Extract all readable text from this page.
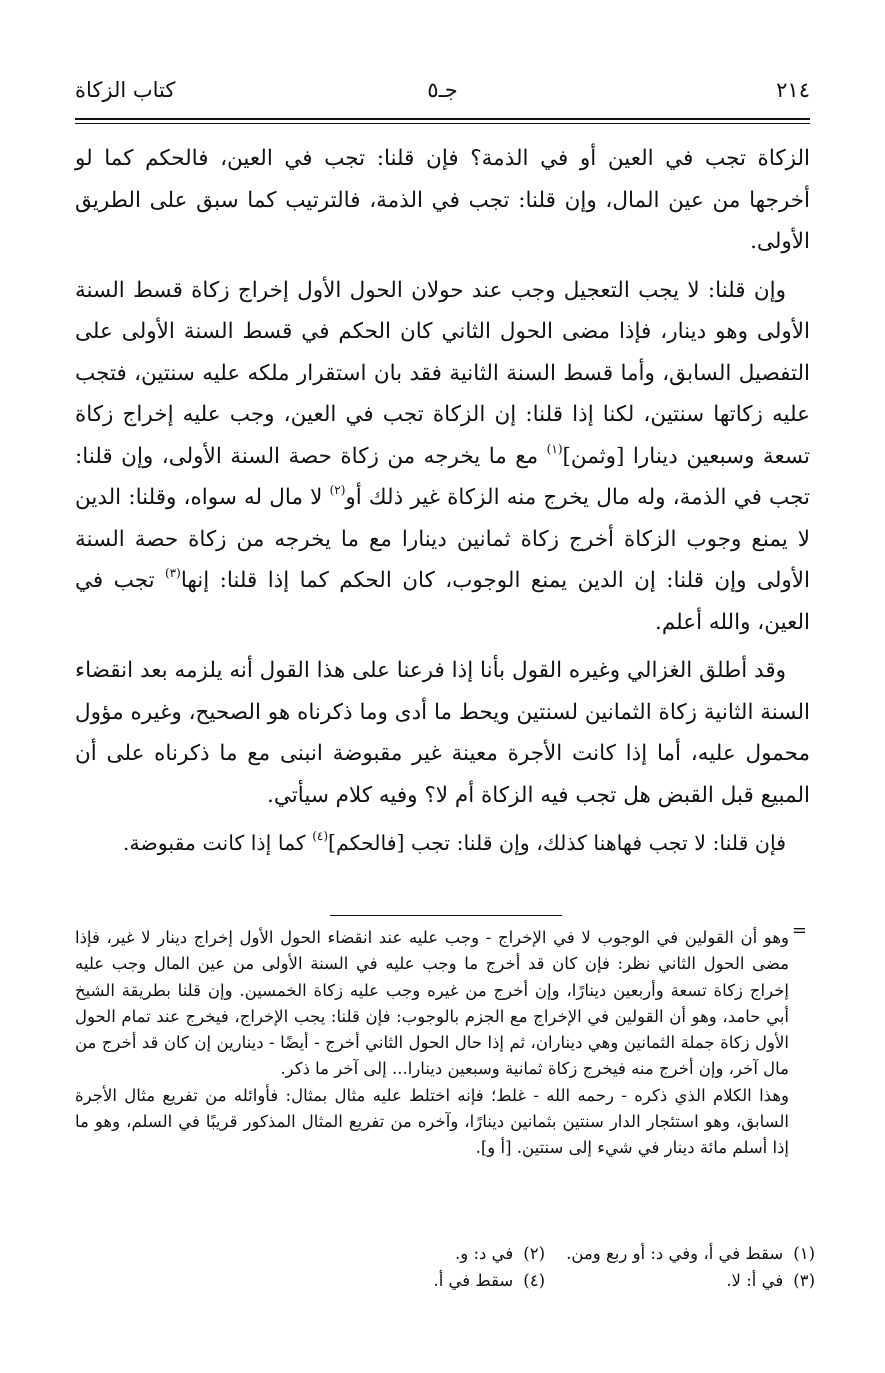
٢١٤
جـ٥
كتاب الزكاة

الزكاة تجب في العين أو في الذمة؟ فإن قلنا: تجب في العين، فالحكم كما لو أخرجها من عين المال، وإن قلنا: تجب في الذمة، فالترتيب كما سبق على الطريق الأولى.

وإن قلنا: لا يجب التعجيل وجب عند حولان الحول الأول إخراج زكاة قسط السنة الأولى وهو دينار، فإذا مضى الحول الثاني كان الحكم في قسط السنة الأولى على التفصيل السابق، وأما قسط السنة الثانية فقد بان استقرار ملكه عليه سنتين، فتجب عليه زكاتها سنتين، لكنا إذا قلنا: إن الزكاة تجب في العين، وجب عليه إخراج زكاة تسعة وسبعين دينارا [وثمن]$^{(١)}$ مع ما يخرجه من زكاة حصة السنة الأولى، وإن قلنا: تجب في الذمة، وله مال يخرج منه الزكاة غير ذلك أو$^{(٢)}$ لا مال له سواه، وقلنا: الدين لا يمنع وجوب الزكاة أخرج زكاة ثمانين دينارا مع ما يخرجه من زكاة حصة السنة الأولى وإن قلنا: إن الدين يمنع الوجوب، كان الحكم كما إذا قلنا: إنها$^{(٣)}$ تجب في العين، والله أعلم.

وقد أطلق الغزالي وغيره القول بأنا إذا فرعنا على هذا القول أنه يلزمه بعد انقضاء السنة الثانية زكاة الثمانين لسنتين ويحط ما أدى وما ذكرناه هو الصحيح، وغيره مؤول محمول عليه، أما إذا كانت الأجرة معينة غير مقبوضة انبنى مع ما ذكرناه على أن المبيع قبل القبض هل تجب فيه الزكاة أم لا؟ وفيه كلام سيأتي.

فإن قلنا: لا تجب فهاهنا كذلك، وإن قلنا: تجب [فالحكم]$^{(٤)}$ كما إذا كانت مقبوضة.

=

وهو أن القولين في الوجوب لا في الإخراج - وجب عليه عند انقضاء الحول الأول إخراج دينار لا غير، فإذا مضى الحول الثاني نظر: فإن كان قد أخرج ما وجب عليه في السنة الأولى من عين المال وجب عليه إخراج زكاة تسعة وأربعين دينارًا، وإن أخرج من غيره وجب عليه زكاة الخمسين. وإن قلنا بطريقة الشيخ أبي حامد، وهو أن القولين في الإخراج مع الجزم بالوجوب: فإن قلنا: يجب الإخراج، فيخرج عند تمام الحول الأول زكاة جملة الثمانين وهي ديناران، ثم إذا حال الحول الثاني أخرج - أيضًا - دينارين إن كان قد أخرج من مال آخر، وإن أخرج منه فيخرج زكاة ثمانية وسبعين دينارا... إلى آخر ما ذكر.

وهذا الكلام الذي ذكره - رحمه الله - غلط؛ فإنه اختلط عليه مثال بمثال: فأوائله من تفريع مثال الأجرة السابق، وهو استئجار الدار سنتين بثمانين دينارًا، وآخره من تفريع المثال المذكور قريبًا في السلم، وهو ما إذا أسلم مائة دينار في شيء إلى سنتين. [أ و].

(١)سقط في أ، وفي د: أو ربع ومن.
(٢)في د: و.
(٣)في أ: لا.
(٤)سقط في أ.
